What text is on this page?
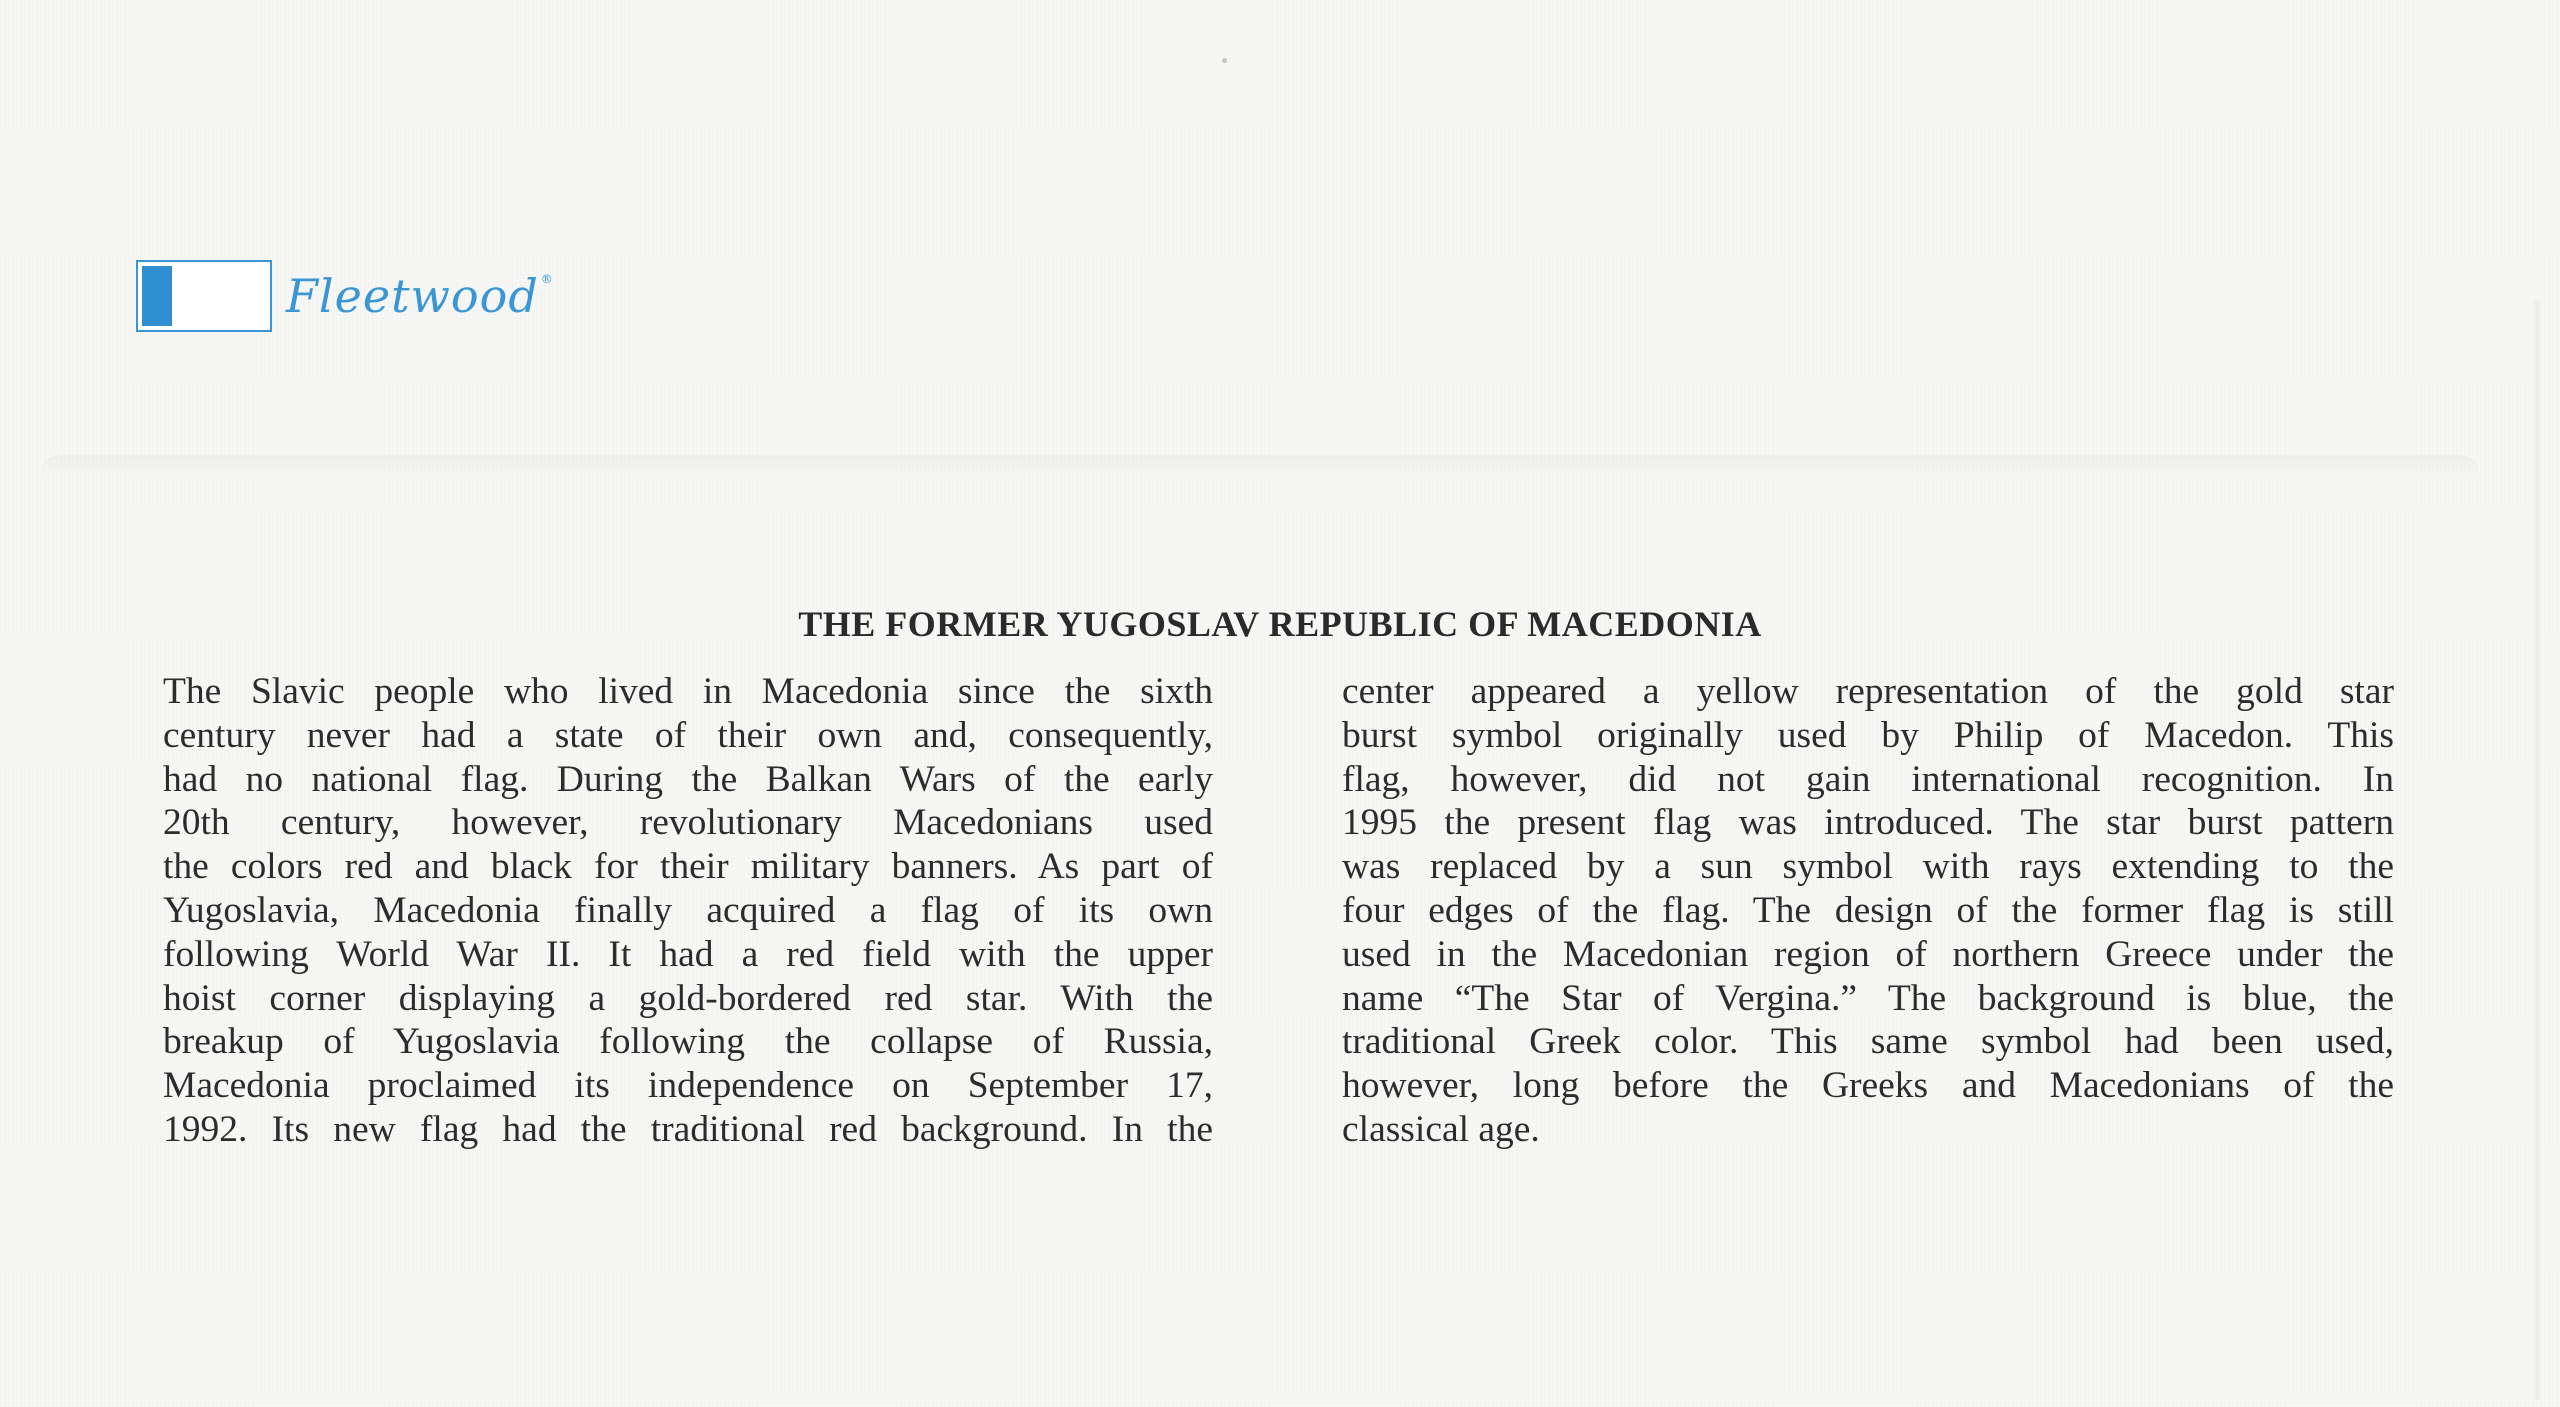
Fleetwood ®
THE FORMER YUGOSLAV REPUBLIC OF MACEDONIA
The Slavic people who lived in Macedonia since the sixth
century never had a state of their own and, consequently,
had no national flag. During the Balkan Wars of the early
20th century, however, revolutionary Macedonians used
the colors red and black for their military banners. As part of
Yugoslavia, Macedonia finally acquired a flag of its own
following World War II. It had a red field with the upper
hoist corner displaying a gold-bordered red star. With the
breakup of Yugoslavia following the collapse of Russia,
Macedonia proclaimed its independence on September 17,
1992. Its new flag had the traditional red background. In the
center appeared a yellow representation of the gold star
burst symbol originally used by Philip of Macedon. This
flag, however, did not gain international recognition. In
1995 the present flag was introduced. The star burst pattern
was replaced by a sun symbol with rays extending to the
four edges of the flag. The design of the former flag is still
used in the Macedonian region of northern Greece under the
name “The Star of Vergina.” The background is blue, the
traditional Greek color. This same symbol had been used,
however, long before the Greeks and Macedonians of the
classical age.
